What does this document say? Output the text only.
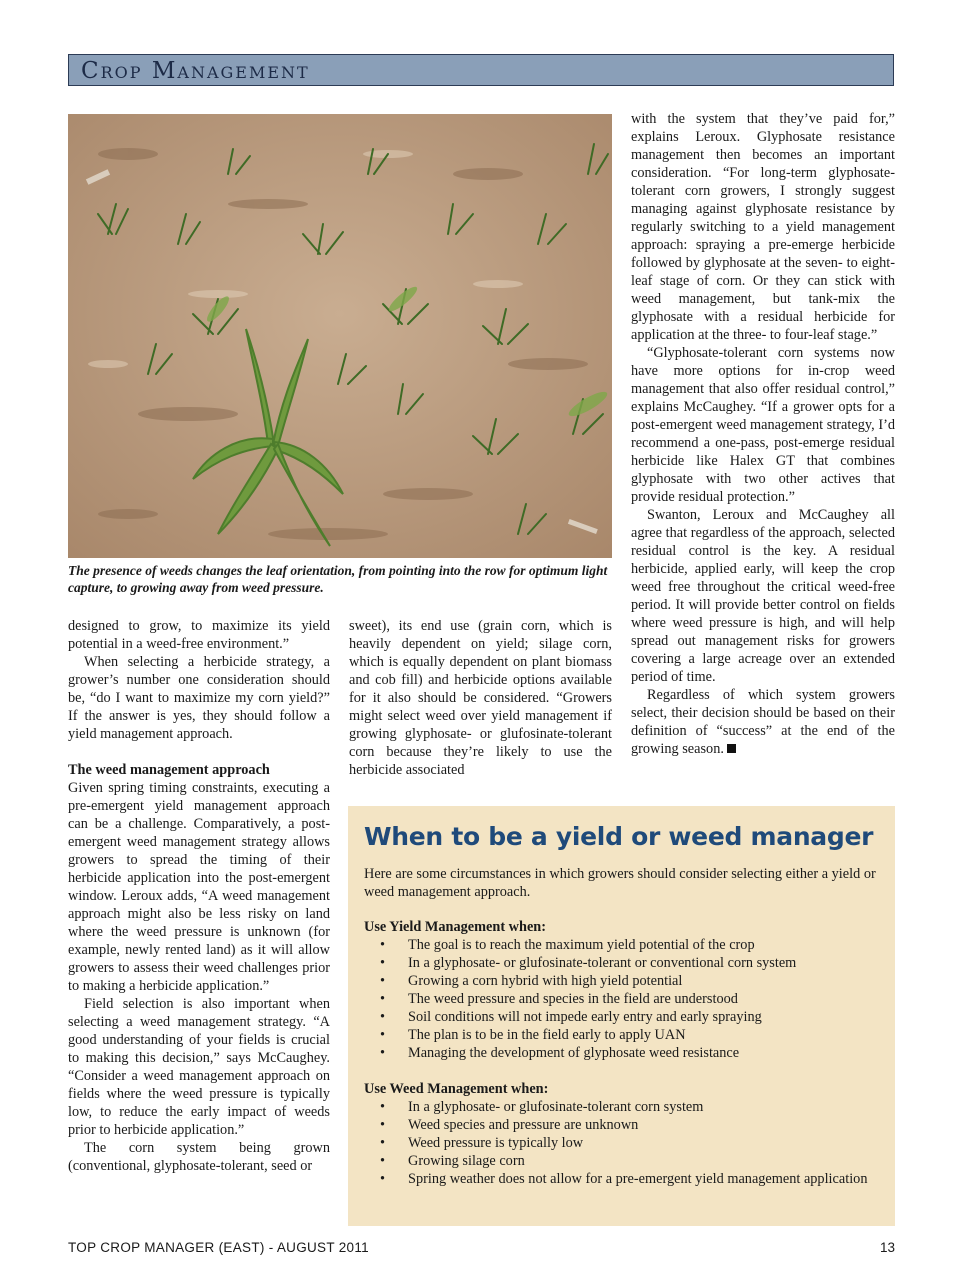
Crop Management
The presence of weeds changes the leaf orientation, from pointing into the row for optimum light capture, to growing away from weed pressure.

designed to grow, to maximize its yield potential in a weed-free environment.”

When selecting a herbicide strategy, a grower’s number one consideration should be, “do I want to maximize my corn yield?” If the answer is yes, they should follow a yield management approach.

The weed management approach

Given spring timing constraints, executing a pre-emergent yield management approach can be a challenge. Comparatively, a post-emergent weed management strategy allows growers to spread the timing of their herbicide application into the post-emergent window. Leroux adds, “A weed management approach might also be less risky on land where the weed pressure is unknown (for example, newly rented land) as it will allow growers to assess their weed challenges prior to making a herbicide application.”

Field selection is also important when selecting a weed management strategy. “A good understanding of your fields is crucial to making this decision,” says McCaughey. “Consider a weed management approach on fields where the weed pressure is typically low, to reduce the early impact of weeds prior to herbicide application.”

The corn system being grown (conventional, glyphosate-tolerant, seed or

sweet), its end use (grain corn, which is heavily dependent on yield; silage corn, which is equally dependent on plant biomass and cob fill) and herbicide options available for it also should be considered. “Growers might select weed over yield management if growing glyphosate- or glufosinate-tolerant corn because they’re likely to use the herbicide associated

with the system that they’ve paid for,” explains Leroux. Glyphosate resistance management then becomes an important consideration. “For long-term glyphosate-tolerant corn growers, I strongly suggest managing against glyphosate resistance by regularly switching to a yield management approach: spraying a pre-emerge herbicide followed by glyphosate at the seven- to eight-leaf stage of corn. Or they can stick with weed management, but tank-mix the glyphosate with a residual herbicide for application at the three- to four-leaf stage.”

“Glyphosate-tolerant corn systems now have more options for in-crop weed management that also offer residual control,” explains McCaughey. “If a grower opts for a post-emergent weed management strategy, I’d recommend a one-pass, post-emerge residual herbicide like Halex GT that combines glyphosate with two other actives that provide residual protection.”

Swanton, Leroux and McCaughey all agree that regardless of the approach, selected residual control is the key. A residual herbicide, applied early, will keep the crop weed free throughout the critical weed-free period. It will provide better control on fields where weed pressure is high, and will help spread out management risks for growers covering a large acreage over an extended period of time.

Regardless of which system growers select, their decision should be based on their definition of “success” at the end of the growing season.

When to be a yield or weed manager

Here are some circumstances in which growers should consider selecting either a yield or weed management approach.

Use Yield Management when:

• The goal is to reach the maximum yield potential of the crop
• In a glyphosate- or glufosinate-tolerant or conventional corn system
• Growing a corn hybrid with high yield potential
• The weed pressure and species in the field are understood
• Soil conditions will not impede early entry and early spraying
• The plan is to be in the field early to apply UAN
• Managing the development of glyphosate weed resistance

Use Weed Management when:

• In a glyphosate- or glufosinate-tolerant corn system
• Weed species and pressure are unknown
• Weed pressure is typically low
• Growing silage corn
• Spring weather does not allow for a pre-emergent yield management application
TOP CROP MANAGER (EAST) - AUGUST 2011	13
